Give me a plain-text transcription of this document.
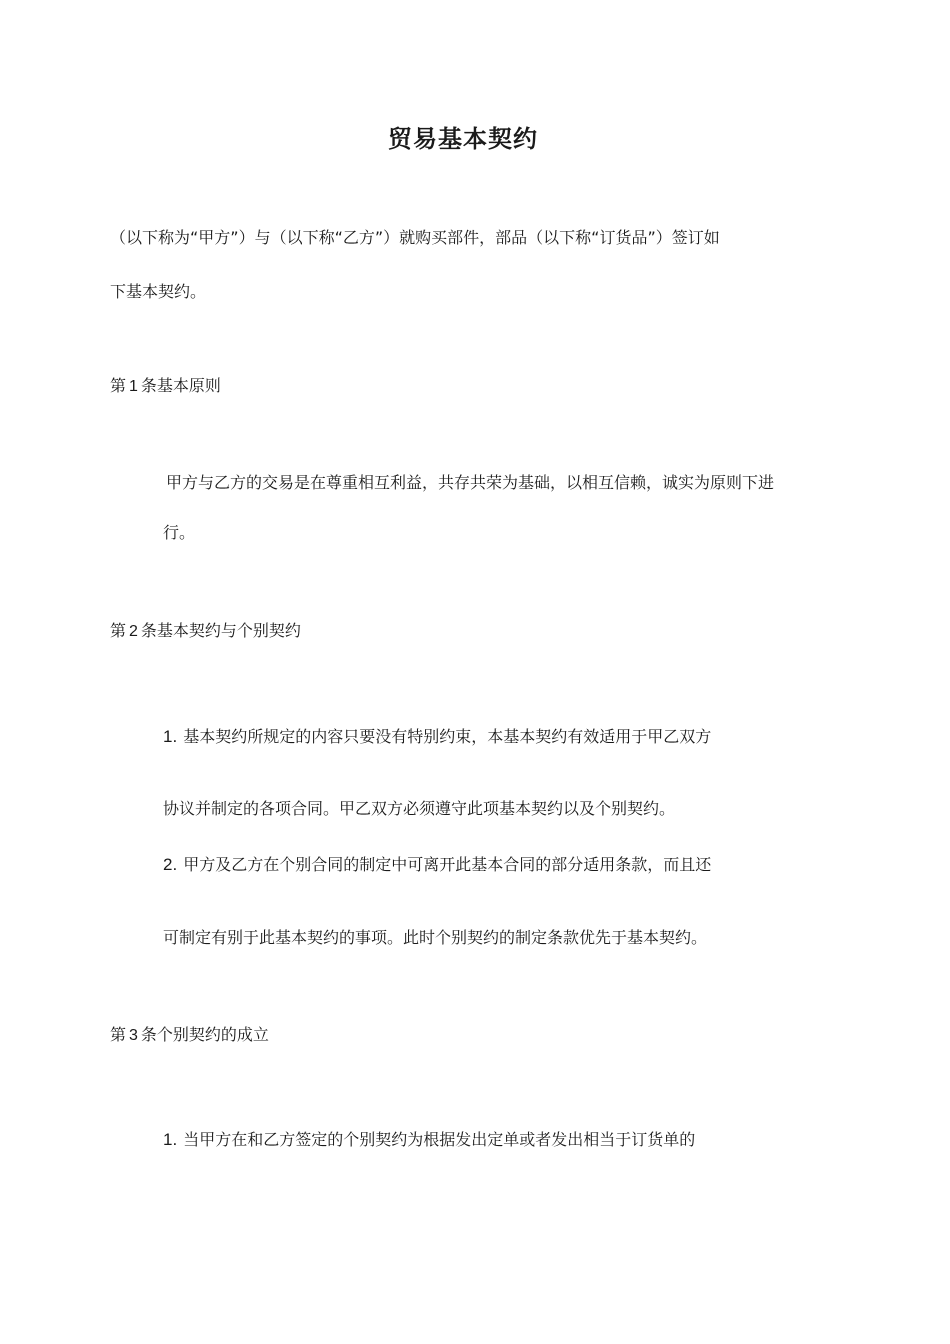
贸易基本契约
（以下称为“甲方”）与（以下称“乙方”）就购买部件，部品（以下称“订货品”）签订如
下基本契约。
第 1 条基本原则
甲方与乙方的交易是在尊重相互利益，共存共荣为基础，以相互信赖，诚实为原则下进
行。
第 2 条基本契约与个别契约
1. 基本契约所规定的内容只要没有特别约束，本基本契约有效适用于甲乙双方
协议并制定的各项合同。甲乙双方必须遵守此项基本契约以及个别契约。
2. 甲方及乙方在个别合同的制定中可离开此基本合同的部分适用条款，而且还
可制定有别于此基本契约的事项。此时个别契约的制定条款优先于基本契约。
第 3 条个别契约的成立
1. 当甲方在和乙方签定的个别契约为根据发出定单或者发出相当于订货单的
